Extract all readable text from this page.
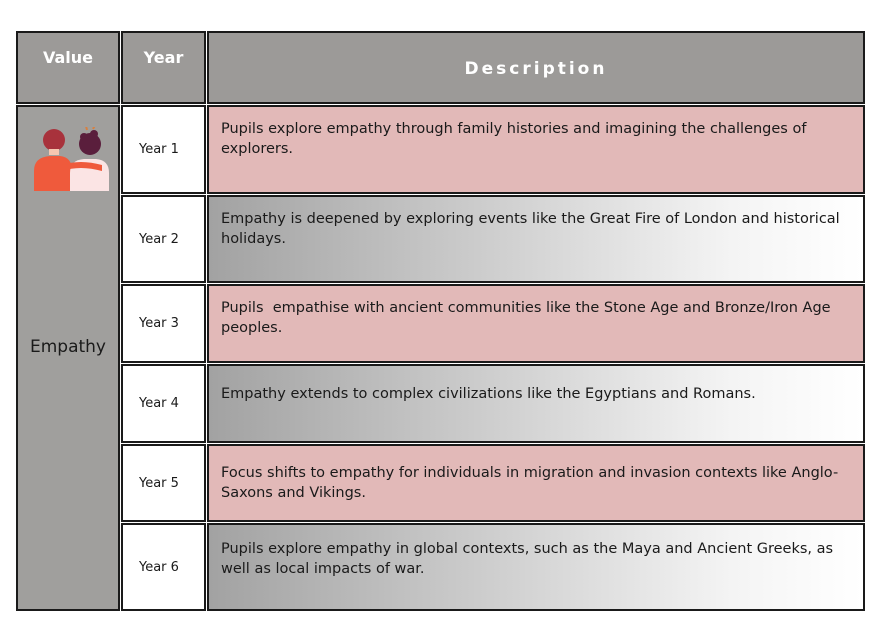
Value	Year
Description
Empathy
Year 1
Year 2
Year 3
Year 4
Year 5
Year 6
Pupils explore empathy through family histories and imagining the challenges of explorers.
Empathy is deepened by exploring events like the Great Fire of London and historical holidays.
Pupils  empathise with ancient communities like the Stone Age and Bronze/Iron Age peoples.
Empathy extends to complex civilizations like the Egyptians and Romans.
Focus shifts to empathy for individuals in migration and invasion contexts like Anglo-Saxons and Vikings.
Pupils explore empathy in global contexts, such as the Maya and Ancient Greeks, as well as local impacts of war.
